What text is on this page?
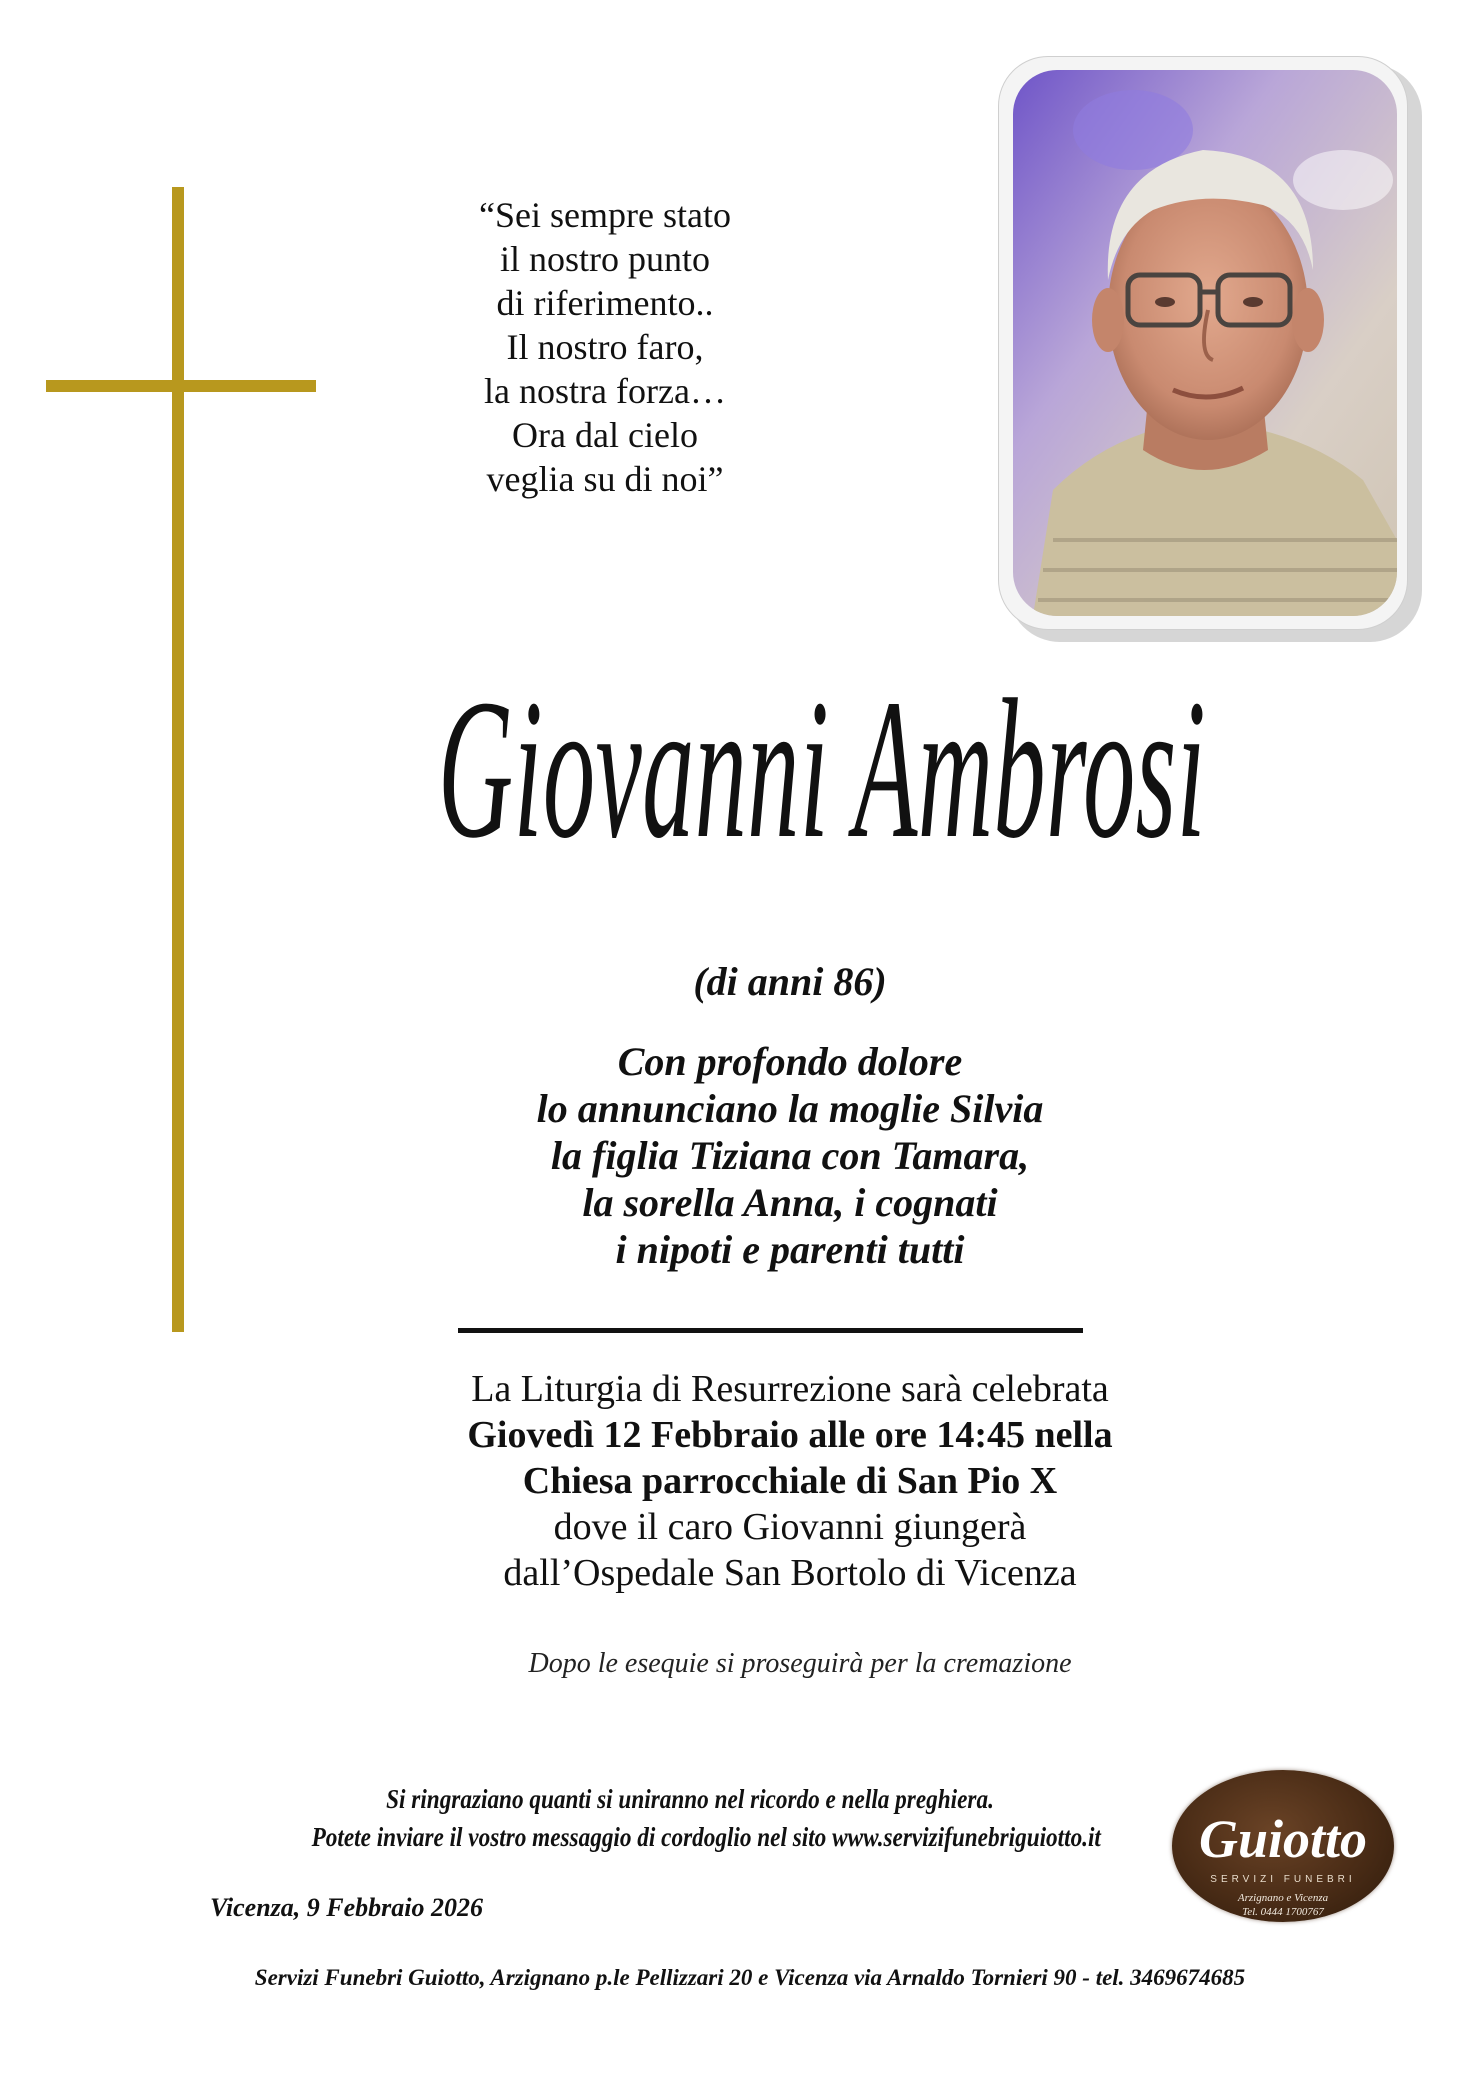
“Sei sempre stato
il nostro punto
di riferimento..
Il nostro faro,
la nostra forza…
Ora dal cielo
veglia su di noi”
Giovanni Ambrosi
(di anni 86)
Con profondo dolore
lo annunciano la moglie Silvia
la figlia Tiziana con Tamara,
la sorella Anna, i cognati
i nipoti e parenti tutti
La Liturgia di Resurrezione sarà celebrata
Giovedì 12 Febbraio alle ore 14:45 nella
Chiesa parrocchiale di San Pio X
dove il caro Giovanni giungerà
dall’Ospedale San Bortolo di Vicenza
Dopo le esequie si proseguirà per la cremazione
Si ringraziano quanti si uniranno nel ricordo e nella preghiera.
Potete inviare il vostro messaggio di cordoglio nel sito www.servizifunebriguiotto.it
Vicenza, 9 Febbraio 2026
Guiotto
SERVIZI FUNEBRI
Arzignano e Vicenza
Tel. 0444 1700767
Servizi Funebri Guiotto, Arzignano p.le Pellizzari 20 e Vicenza via Arnaldo Tornieri 90 - tel. 3469674685
